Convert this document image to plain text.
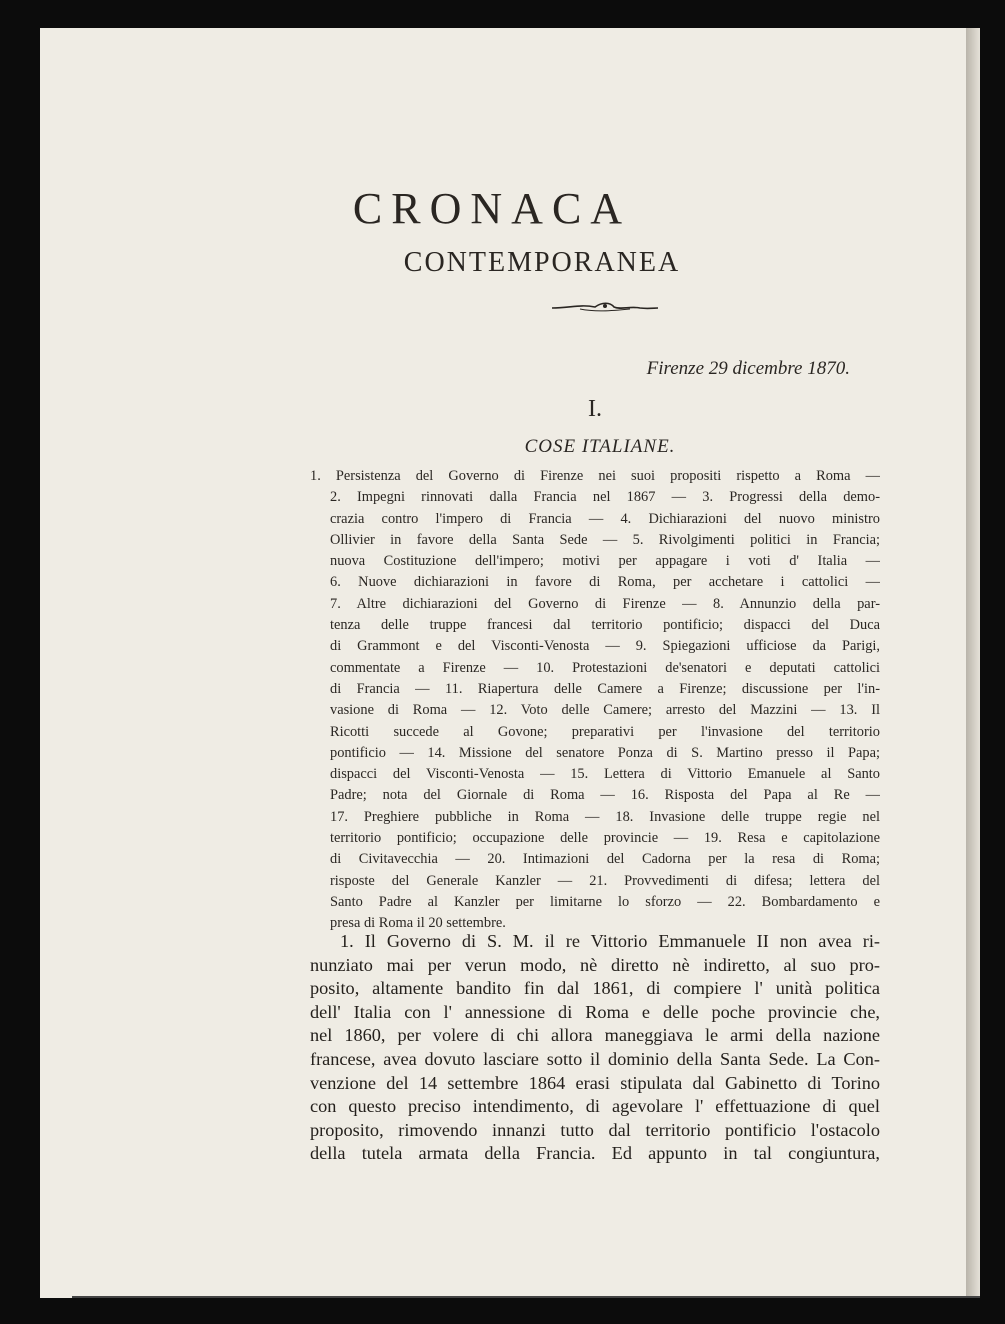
CRONACA
CONTEMPORANEA
Firenze 29 dicembre 1870.
I.
COSE ITALIANE.
1. Persistenza del Governo di Firenze nei suoi propositi rispetto a Roma —
2. Impegni rinnovati dalla Francia nel 1867 — 3. Progressi della demo-
crazia contro l'impero di Francia — 4. Dichiarazioni del nuovo ministro
Ollivier in favore della Santa Sede — 5. Rivolgimenti politici in Francia;
nuova Costituzione dell'impero; motivi per appagare i voti d' Italia —
6. Nuove dichiarazioni in favore di Roma, per acchetare i cattolici —
7. Altre dichiarazioni del Governo di Firenze — 8. Annunzio della par-
tenza delle truppe francesi dal territorio pontificio; dispacci del Duca
di Grammont e del Visconti-Venosta — 9. Spiegazioni ufficiose da Parigi,
commentate a Firenze — 10. Protestazioni de'senatori e deputati cattolici
di Francia — 11. Riapertura delle Camere a Firenze; discussione per l'in-
vasione di Roma — 12. Voto delle Camere; arresto del Mazzini — 13. Il
Ricotti succede al Govone; preparativi per l'invasione del territorio
pontificio — 14. Missione del senatore Ponza di S. Martino presso il Papa;
dispacci del Visconti-Venosta — 15. Lettera di Vittorio Emanuele al Santo
Padre; nota del Giornale di Roma — 16. Risposta del Papa al Re —
17. Preghiere pubbliche in Roma — 18. Invasione delle truppe regie nel
territorio pontificio; occupazione delle provincie — 19. Resa e capitolazione
di Civitavecchia — 20. Intimazioni del Cadorna per la resa di Roma;
risposte del Generale Kanzler — 21. Provvedimenti di difesa; lettera del
Santo Padre al Kanzler per limitarne lo sforzo — 22. Bombardamento e
presa di Roma il 20 settembre.
1. Il Governo di S. M. il re Vittorio Emmanuele II non avea ri-
nunziato mai per verun modo, nè diretto nè indiretto, al suo pro-
posito, altamente bandito fin dal 1861, di compiere l' unità politica
dell' Italia con l' annessione di Roma e delle poche provincie che,
nel 1860, per volere di chi allora maneggiava le armi della nazione
francese, avea dovuto lasciare sotto il dominio della Santa Sede. La Con-
venzione del 14 settembre 1864 erasi stipulata dal Gabinetto di Torino
con questo preciso intendimento, di agevolare l' effettuazione di quel
proposito, rimovendo innanzi tutto dal territorio pontificio l'ostacolo
della tutela armata della Francia. Ed appunto in tal congiuntura,
